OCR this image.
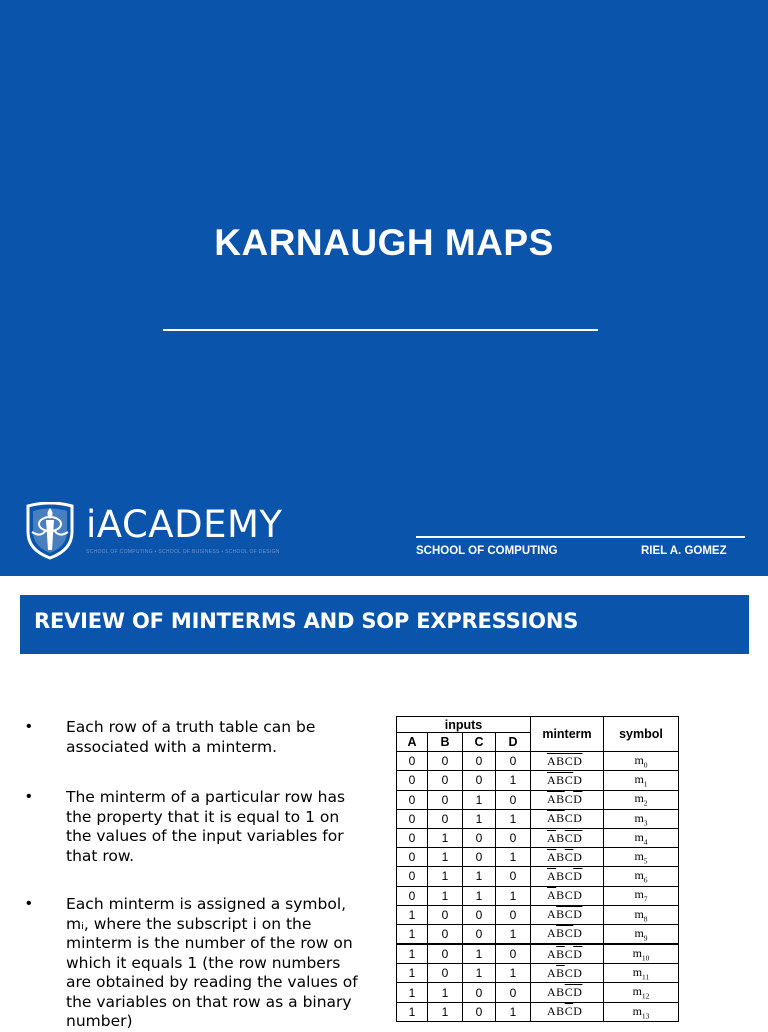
KARNAUGH MAPS
iACADEMY
SCHOOL OF COMPUTING • SCHOOL OF BUSINESS • SCHOOL OF DESIGN	SCHOOL OF COMPUTING	RIEL A. GOMEZ
REVIEW OF MINTERMS AND SOP EXPRESSIONS
• Each row of a truth table can be associated with a minterm.
• The minterm of a particular row has the property that it is equal to 1 on the values of the input variables for that row.
• Each minterm is assigned a symbol, mᵢ, where the subscript i on the minterm is the number of the row on which it equals 1 (the row numbers are obtained by reading the values of the variables on that row as a binary number)
inputs				minterm	symbol
A	B	C	D		
0	0	0	0	$\overline{A}\overline{B}\overline{C}\overline{D}$	$m_0$
0	0	0	1	$\overline{A}\overline{B}\overline{C}D$	$m_1$
0	0	1	0	$\overline{A}\overline{B}C\overline{D}$	$m_2$
0	0	1	1	$\overline{A}\overline{B}CD$	$m_3$
0	1	0	0	$\overline{A}B\overline{C}\overline{D}$	$m_4$
0	1	0	1	$\overline{A}B\overline{C}D$	$m_5$
0	1	1	0	$\overline{A}BC\overline{D}$	$m_6$
0	1	1	1	$\overline{A}BCD$	$m_7$
1	0	0	0	$A\overline{B}\overline{C}\overline{D}$	$m_8$
1	0	0	1	$A\overline{B}\overline{C}D$	$m_9$
1	0	1	0	$A\overline{B}C\overline{D}$	$m_{10}$
1	0	1	1	$A\overline{B}CD$	$m_{11}$
1	1	0	0	$AB\overline{C}\overline{D}$	$m_{12}$
1	1	0	1	$AB\overline{C}D$	$m_{13}$
